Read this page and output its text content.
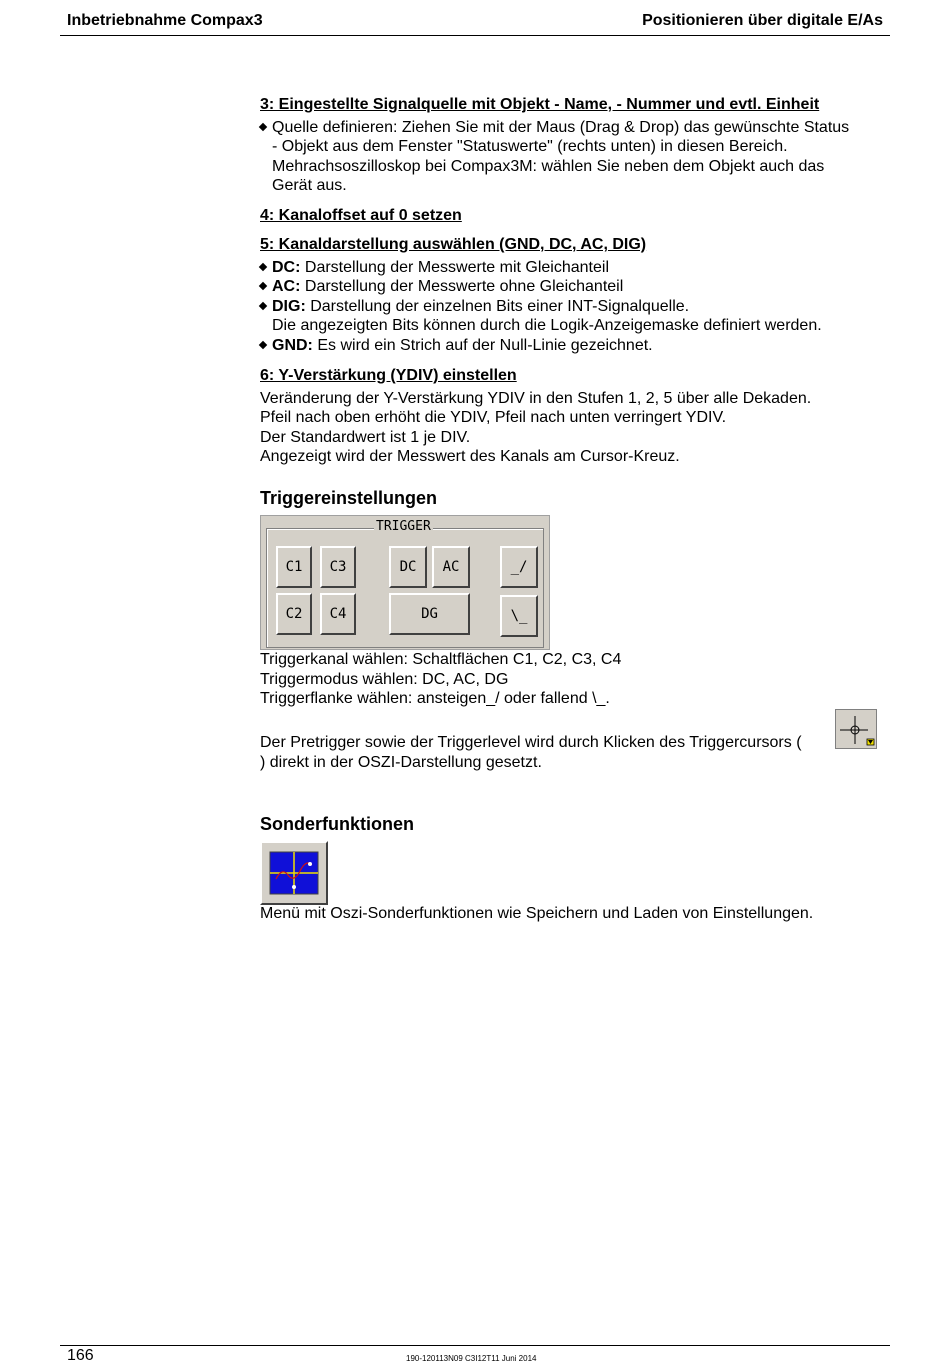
Inbetriebnahme Compax3	Positionieren über digitale E/As
3: Eingestellte Signalquelle mit Objekt - Name, - Nummer und evtl. Einheit
Quelle definieren: Ziehen Sie mit der Maus (Drag & Drop) das gewünschte Status
- Objekt aus dem Fenster "Statuswerte" (rechts unten) in diesen Bereich.
Mehrachsoszilloskop bei Compax3M: wählen Sie neben dem Objekt auch das
Gerät aus.
4: Kanaloffset auf 0 setzen
5: Kanaldarstellung auswählen (GND, DC, AC, DIG)
DC: Darstellung der Messwerte mit Gleichanteil
AC: Darstellung der Messwerte ohne Gleichanteil
DIG: Darstellung der einzelnen Bits einer INT-Signalquelle.
Die angezeigten Bits können durch die Logik-Anzeigemaske definiert werden.
GND: Es wird ein Strich auf der Null-Linie gezeichnet.
6: Y-Verstärkung (YDIV) einstellen
Veränderung der Y-Verstärkung YDIV in den Stufen 1, 2, 5 über alle Dekaden.
Pfeil nach oben erhöht die YDIV, Pfeil nach unten verringert YDIV.
Der Standardwert ist 1 je DIV.
Angezeigt wird der Messwert des Kanals am Cursor-Kreuz.
Triggereinstellungen
TRIGGER
C1	C3
C2	C4
DC	AC
DG
_/
\_
Triggerkanal wählen: Schaltflächen C1, C2, C3, C4
Triggermodus wählen: DC, AC, DG
Triggerflanke wählen: ansteigen_/ oder fallend \_.
Der Pretrigger sowie der Triggerlevel wird durch Klicken des Triggercursors (
) direkt in der OSZI-Darstellung gesetzt.
Sonderfunktionen
Menü mit Oszi-Sonderfunktionen wie Speichern und Laden von Einstellungen.
166	190-120113N09 C3I12T11 Juni 2014
